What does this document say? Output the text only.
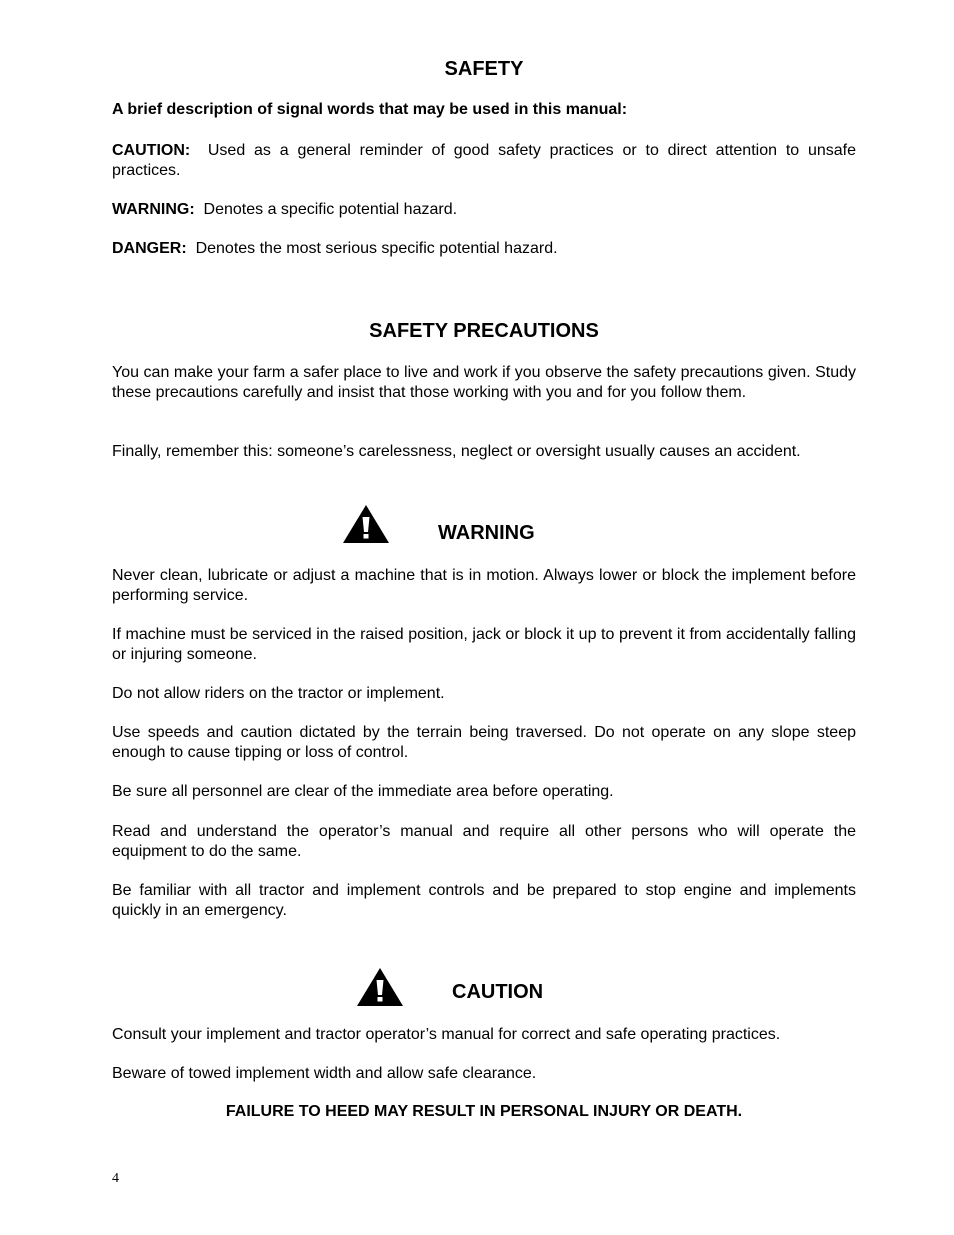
SAFETY

A brief description of signal words that may be used in this manual:

CAUTION: Used as a general reminder of good safety practices or to direct attention to unsafe practices.

WARNING: Denotes a specific potential hazard.

DANGER: Denotes the most serious specific potential hazard.

SAFETY PRECAUTIONS

You can make your farm a safer place to live and work if you observe the safety precautions given. Study these precautions carefully and insist that those working with you and for you follow them.

Finally, remember this: someone’s carelessness, neglect or oversight usually causes an accident.

WARNING

Never clean, lubricate or adjust a machine that is in motion. Always lower or block the implement before performing service.

If machine must be serviced in the raised position, jack or block it up to prevent it from accidentally falling or injuring someone.

Do not allow riders on the tractor or implement.

Use speeds and caution dictated by the terrain being traversed. Do not operate on any slope steep enough to cause tipping or loss of control.

Be sure all personnel are clear of the immediate area before operating.

Read and understand the operator’s manual and require all other persons who will operate the equipment to do the same.

Be familiar with all tractor and implement controls and be prepared to stop engine and implements quickly in an emergency.

CAUTION

Consult your implement and tractor operator’s manual for correct and safe operating practices.

Beware of towed implement width and allow safe clearance.

FAILURE TO HEED MAY RESULT IN PERSONAL INJURY OR DEATH.

4
